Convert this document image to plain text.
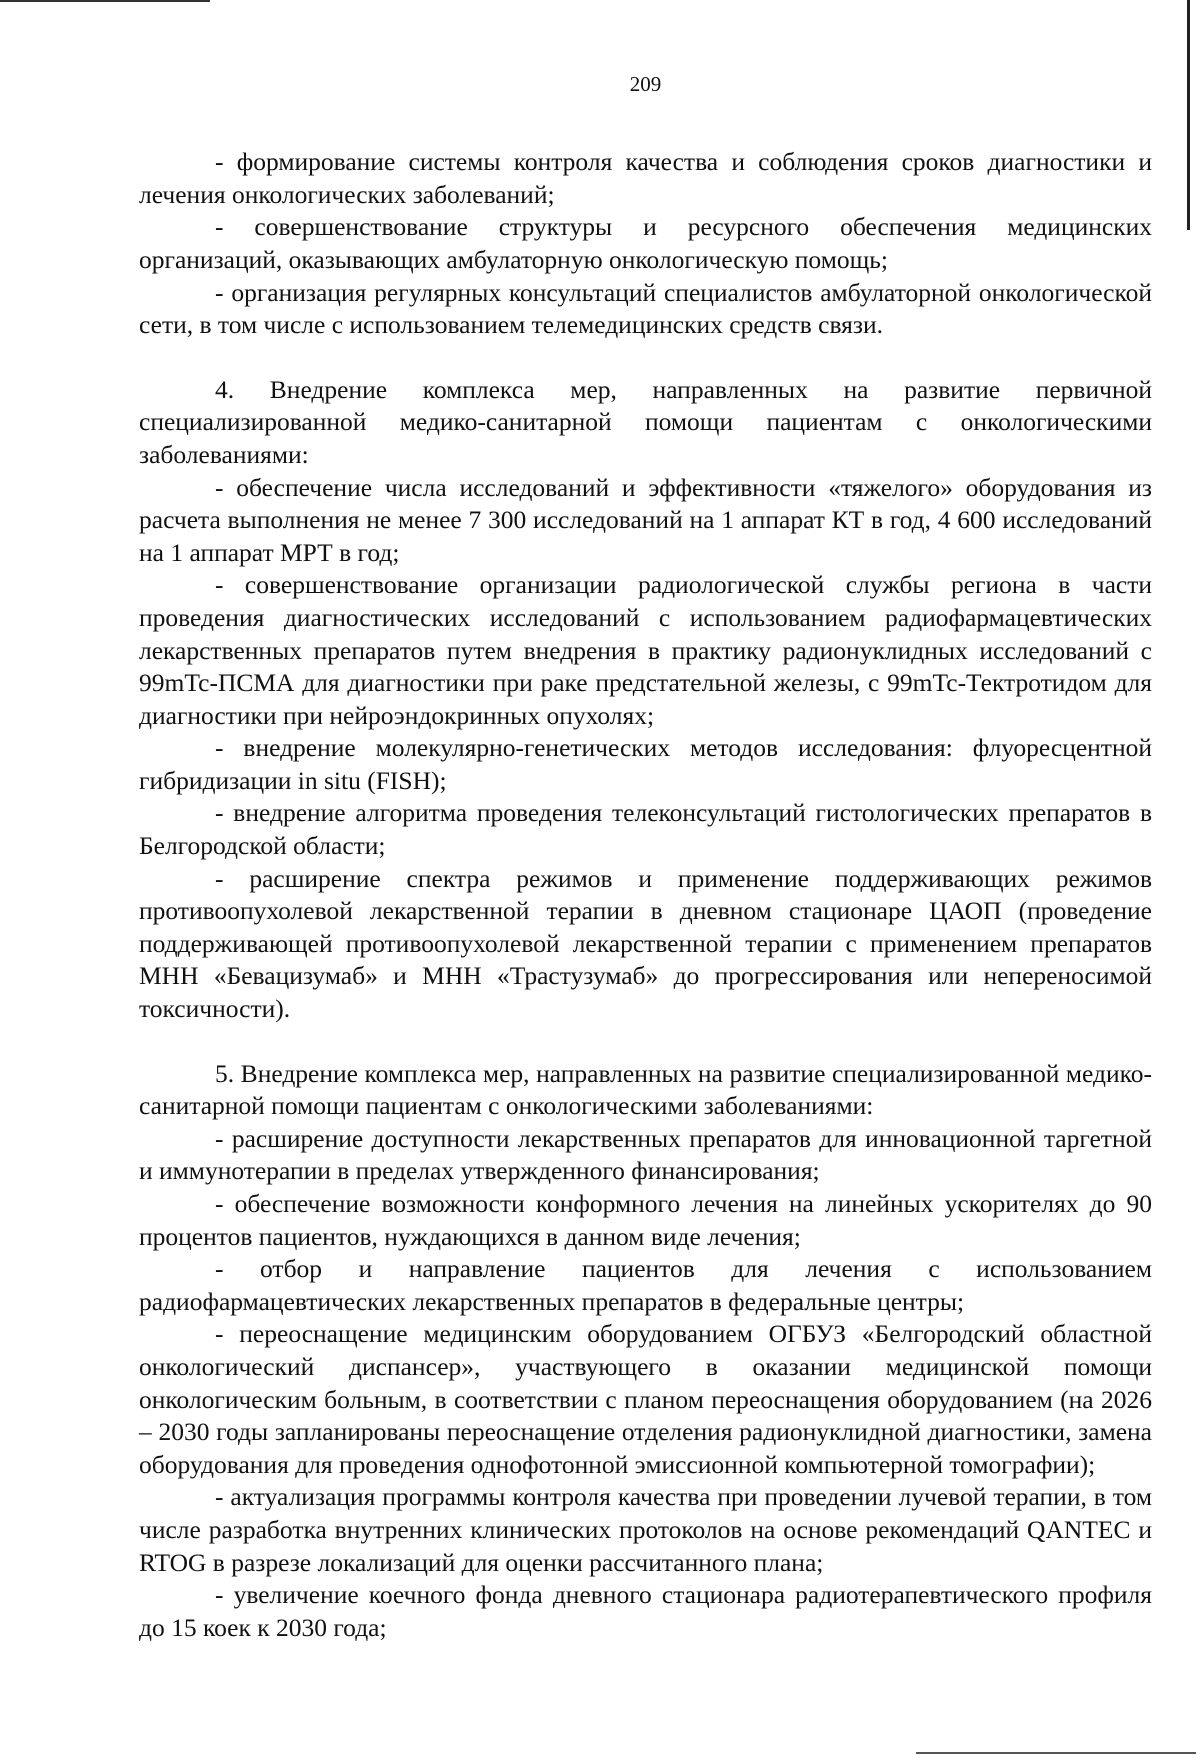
209

- формирование системы контроля качества и соблюдения сроков диагностики и лечения онкологических заболеваний;

- совершенствование структуры и ресурсного обеспечения медицинских организаций, оказывающих амбулаторную онкологическую помощь;

- организация регулярных консультаций специалистов амбулаторной онкологической сети, в том числе с использованием телемедицинских средств связи.

4. Внедрение комплекса мер, направленных на развитие первичной специализированной медико-санитарной помощи пациентам с онкологическими заболеваниями:

- обеспечение числа исследований и эффективности «тяжелого» оборудования из расчета выполнения не менее 7 300 исследований на 1 аппарат КТ в год, 4 600 исследований на 1 аппарат МРТ в год;

- совершенствование организации радиологической службы региона в части проведения диагностических исследований с использованием радиофармацевтических лекарственных препаратов путем внедрения в практику радионуклидных исследований с 99mTc-ПСМА для диагностики при раке предстательной железы, с 99mTc-Тектротидом для диагностики при нейроэндокринных опухолях;

- внедрение молекулярно-генетических методов исследования: флуоресцентной гибридизации in situ (FISH);

- внедрение алгоритма проведения телеконсультаций гистологических препаратов в Белгородской области;

- расширение спектра режимов и применение поддерживающих режимов противоопухолевой лекарственной терапии в дневном стационаре ЦАОП (проведение поддерживающей противоопухолевой лекарственной терапии с применением препаратов МНН «Бевацизумаб» и МНН «Трастузумаб» до прогрессирования или непереносимой токсичности).

5. Внедрение комплекса мер, направленных на развитие специализированной медико-санитарной помощи пациентам с онкологическими заболеваниями:

- расширение доступности лекарственных препаратов для инновационной таргетной и иммунотерапии в пределах утвержденного финансирования;

- обеспечение возможности конформного лечения на линейных ускорителях до 90 процентов пациентов, нуждающихся в данном виде лечения;

- отбор и направление пациентов для лечения с использованием радиофармацевтических лекарственных препаратов в федеральные центры;

- переоснащение медицинским оборудованием ОГБУЗ «Белгородский областной онкологический диспансер», участвующего в оказании медицинской помощи онкологическим больным, в соответствии с планом переоснащения оборудованием (на 2026 – 2030 годы запланированы переоснащение отделения радионуклидной диагностики, замена оборудования для проведения однофотонной эмиссионной компьютерной томографии);

- актуализация программы контроля качества при проведении лучевой терапии, в том числе разработка внутренних клинических протоколов на основе рекомендаций QANTEC и RTOG в разрезе локализаций для оценки рассчитанного плана;

- увеличение коечного фонда дневного стационара радиотерапевтического профиля до 15 коек к 2030 года;
